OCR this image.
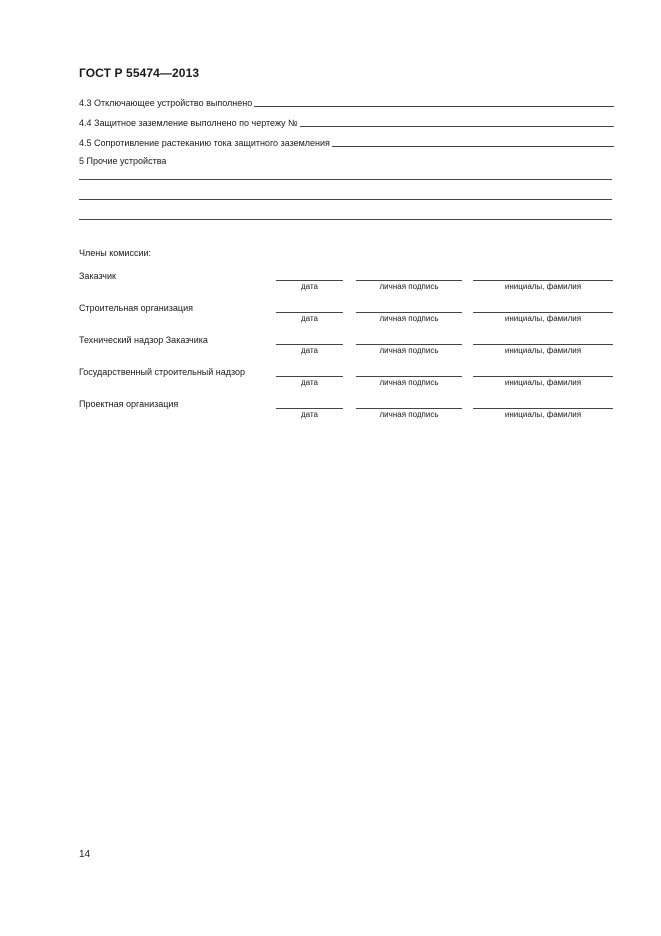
ГОСТ Р 55474—2013
4.3 Отключающее устройство выполнено
4.4 Защитное заземление выполнено по чертежу №
4.5 Сопротивление растеканию тока защитного заземления
5 Прочие устройства
Члены комиссии:
Заказчик
дата	личная подпись	инициалы, фамилия
Строительная организация
дата	личная подпись	инициалы, фамилия
Технический надзор Заказчика
дата	личная подпись	инициалы, фамилия
Государственный строительный надзор
дата	личная подпись	инициалы, фамилия
Проектная организация
дата	личная подпись	инициалы, фамилия
14
